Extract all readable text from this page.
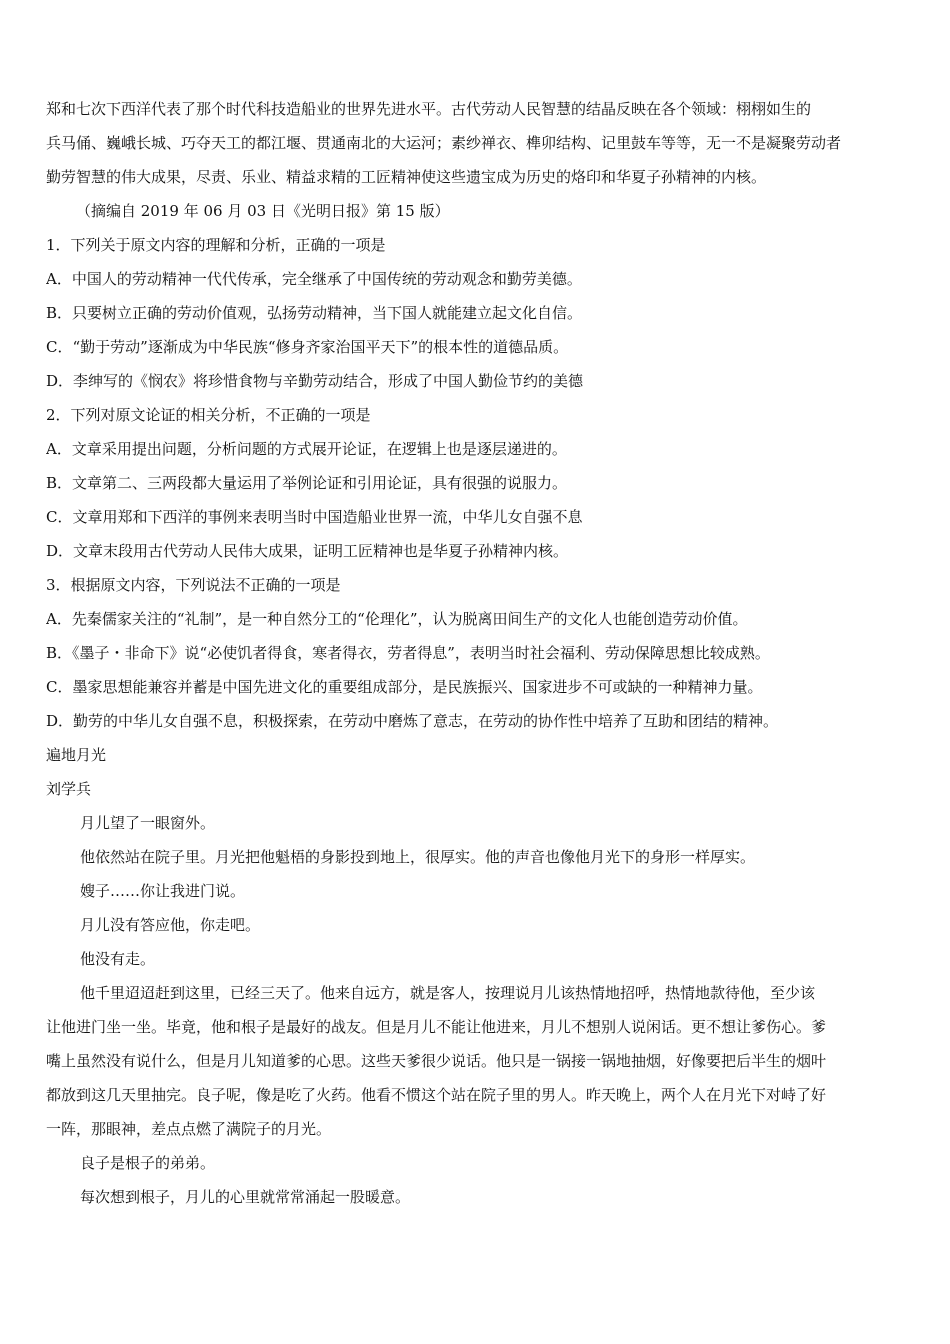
郑和七次下西洋代表了那个时代科技造船业的世界先进水平。古代劳动人民智慧的结晶反映在各个领域：栩栩如生的
兵马俑、巍峨长城、巧夺天工的都江堰、贯通南北的大运河；素纱禅衣、榫卯结构、记里鼓车等等，无一不是凝聚劳动者
勤劳智慧的伟大成果，尽责、乐业、精益求精的工匠精神使这些遗宝成为历史的烙印和华夏子孙精神的内核。
（摘编自 2019 年 06 月 03 日《光明日报》第 15 版）
1．下列关于原文内容的理解和分析，正确的一项是
A．中国人的劳动精神一代代传承，完全继承了中国传统的劳动观念和勤劳美德。
B．只要树立正确的劳动价值观，弘扬劳动精神，当下国人就能建立起文化自信。
C．“勤于劳动”逐渐成为中华民族“修身齐家治国平天下”的根本性的道德品质。
D．李绅写的《悯农》将珍惜食物与辛勤劳动结合，形成了中国人勤俭节约的美德
2．下列对原文论证的相关分析，不正确的一项是
A．文章采用提出问题，分析问题的方式展开论证，在逻辑上也是逐层递进的。
B．文章第二、三两段都大量运用了举例论证和引用论证，具有很强的说服力。
C．文章用郑和下西洋的事例来表明当时中国造船业世界一流，中华儿女自强不息
D．文章末段用古代劳动人民伟大成果，证明工匠精神也是华夏子孙精神内核。
3．根据原文内容，下列说法不正确的一项是
A．先秦儒家关注的“礼制”，是一种自然分工的“伦理化”，认为脱离田间生产的文化人也能创造劳动价值。
B．《墨子・非命下》说“必使饥者得食，寒者得衣，劳者得息”，表明当时社会福利、劳动保障思想比较成熟。
C．墨家思想能兼容并蓄是中国先进文化的重要组成部分，是民族振兴、国家进步不可或缺的一种精神力量。
D．勤劳的中华儿女自强不息，积极探索，在劳动中磨炼了意志，在劳动的协作性中培养了互助和团结的精神。
遍地月光
刘学兵
月儿望了一眼窗外。
他依然站在院子里。月光把他魁梧的身影投到地上，很厚实。他的声音也像他月光下的身形一样厚实。
嫂子……你让我进门说。
月儿没有答应他，你走吧。
他没有走。
他千里迢迢赶到这里，已经三天了。他来自远方，就是客人，按理说月儿该热情地招呼，热情地款待他，至少该
让他进门坐一坐。毕竟，他和根子是最好的战友。但是月儿不能让他进来，月儿不想别人说闲话。更不想让爹伤心。爹
嘴上虽然没有说什么，但是月儿知道爹的心思。这些天爹很少说话。他只是一锅接一锅地抽烟，好像要把后半生的烟叶
都放到这几天里抽完。良子呢，像是吃了火药。他看不惯这个站在院子里的男人。昨天晚上，两个人在月光下对峙了好
一阵，那眼神，差点点燃了满院子的月光。
良子是根子的弟弟。
每次想到根子，月儿的心里就常常涌起一股暖意。
